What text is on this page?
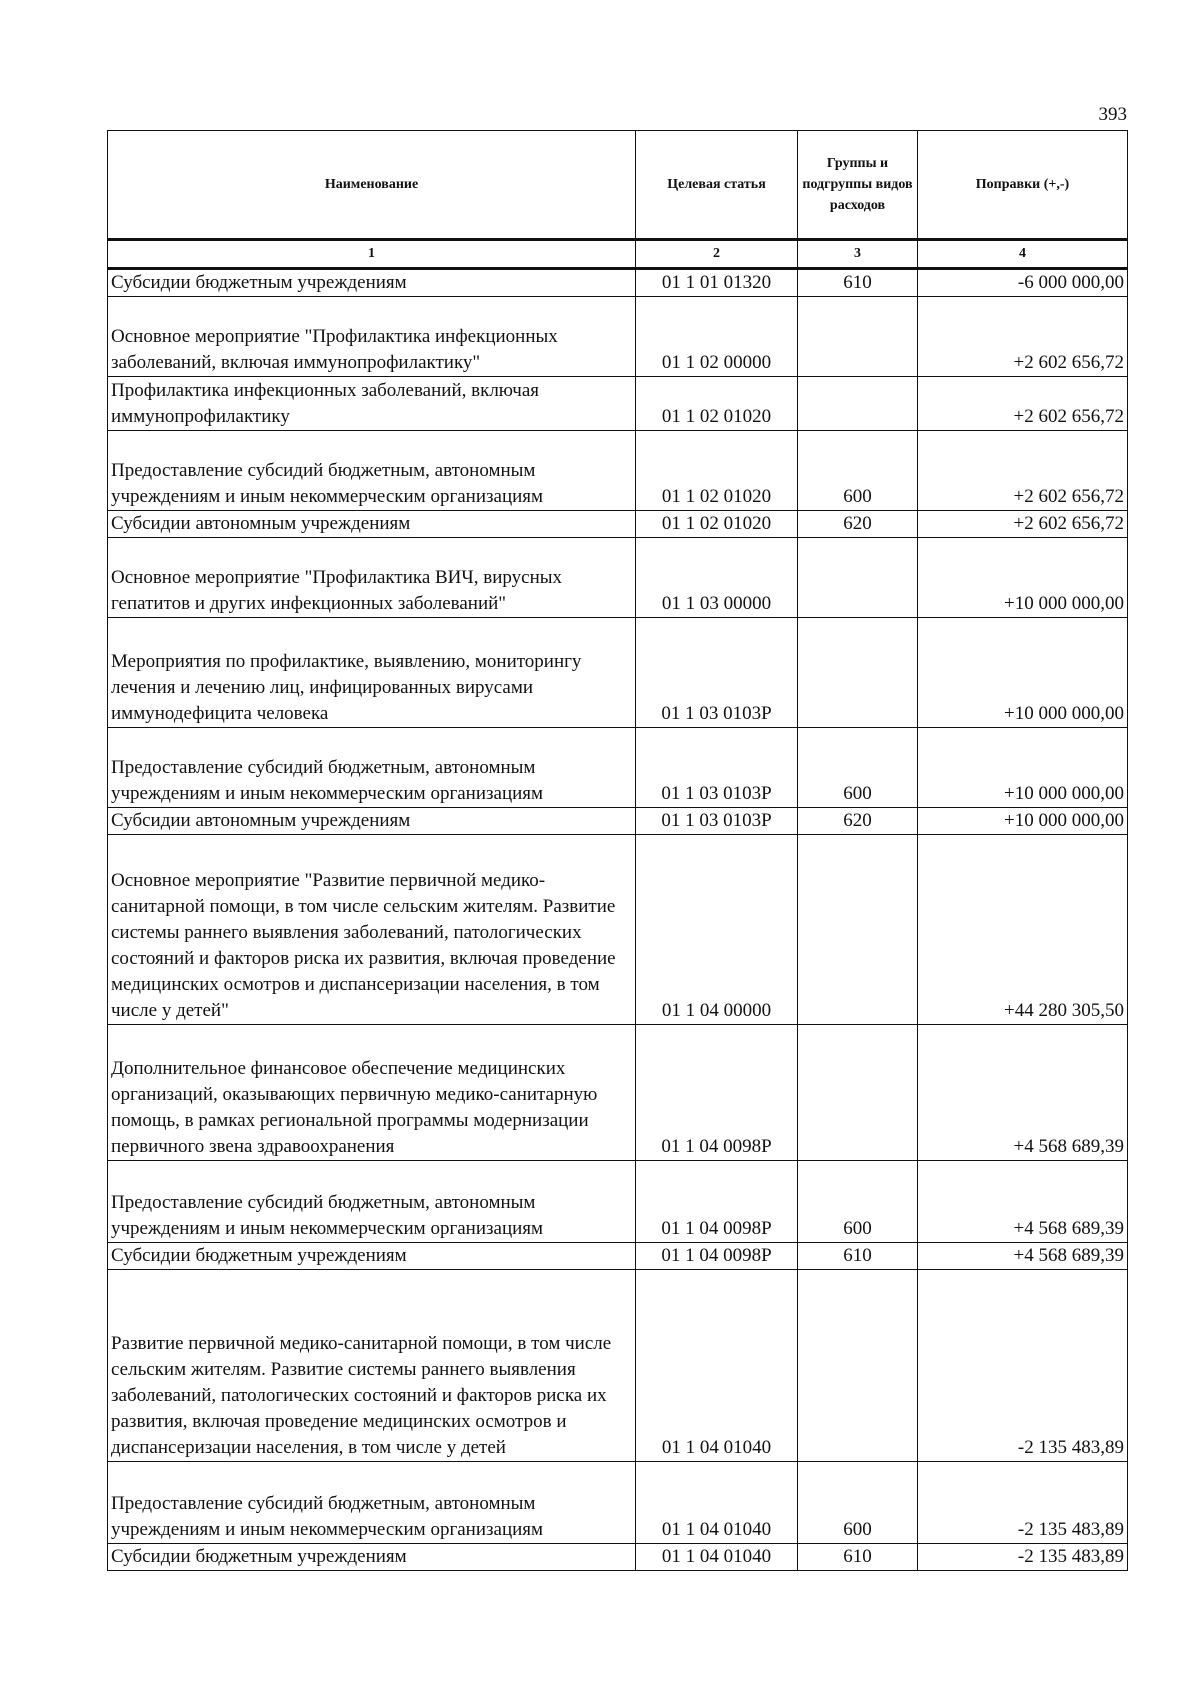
393
Наименование	Целевая статья	Группы и подгруппы видов расходов	Поправки (+,-)
1	2	3	4
Субсидии бюджетным учреждениям	01 1 01 01320	610	-6 000 000,00
Основное мероприятие "Профилактика инфекционных заболеваний, включая иммунопрофилактику"	01 1 02 00000		+2 602 656,72
Профилактика инфекционных заболеваний, включая иммунопрофилактику	01 1 02 01020		+2 602 656,72
Предоставление субсидий бюджетным, автономным учреждениям и иным некоммерческим организациям	01 1 02 01020	600	+2 602 656,72
Субсидии автономным учреждениям	01 1 02 01020	620	+2 602 656,72
Основное мероприятие "Профилактика ВИЧ, вирусных гепатитов и других инфекционных заболеваний"	01 1 03 00000		+10 000 000,00
Мероприятия по профилактике, выявлению, мониторингу лечения и лечению лиц, инфицированных вирусами иммунодефицита человека	01 1 03 0103Р		+10 000 000,00
Предоставление субсидий бюджетным, автономным учреждениям и иным некоммерческим организациям	01 1 03 0103Р	600	+10 000 000,00
Субсидии автономным учреждениям	01 1 03 0103Р	620	+10 000 000,00
Основное мероприятие "Развитие первичной медико-санитарной помощи, в том числе сельским жителям. Развитие системы раннего выявления заболеваний, патологических состояний и факторов риска их развития, включая проведение медицинских осмотров и диспансеризации населения, в том числе у детей"	01 1 04 00000		+44 280 305,50
Дополнительное финансовое обеспечение медицинских организаций, оказывающих первичную медико-санитарную помощь, в рамках региональной программы модернизации первичного звена здравоохранения	01 1 04 0098Р		+4 568 689,39
Предоставление субсидий бюджетным, автономным учреждениям и иным некоммерческим организациям	01 1 04 0098Р	600	+4 568 689,39
Субсидии бюджетным учреждениям	01 1 04 0098Р	610	+4 568 689,39
Развитие первичной медико-санитарной помощи, в том числе сельским жителям. Развитие системы раннего выявления заболеваний, патологических состояний и факторов риска их развития, включая проведение медицинских осмотров и диспансеризации населения, в том числе у детей	01 1 04 01040		-2 135 483,89
Предоставление субсидий бюджетным, автономным учреждениям и иным некоммерческим организациям	01 1 04 01040	600	-2 135 483,89
Субсидии бюджетным учреждениям	01 1 04 01040	610	-2 135 483,89
